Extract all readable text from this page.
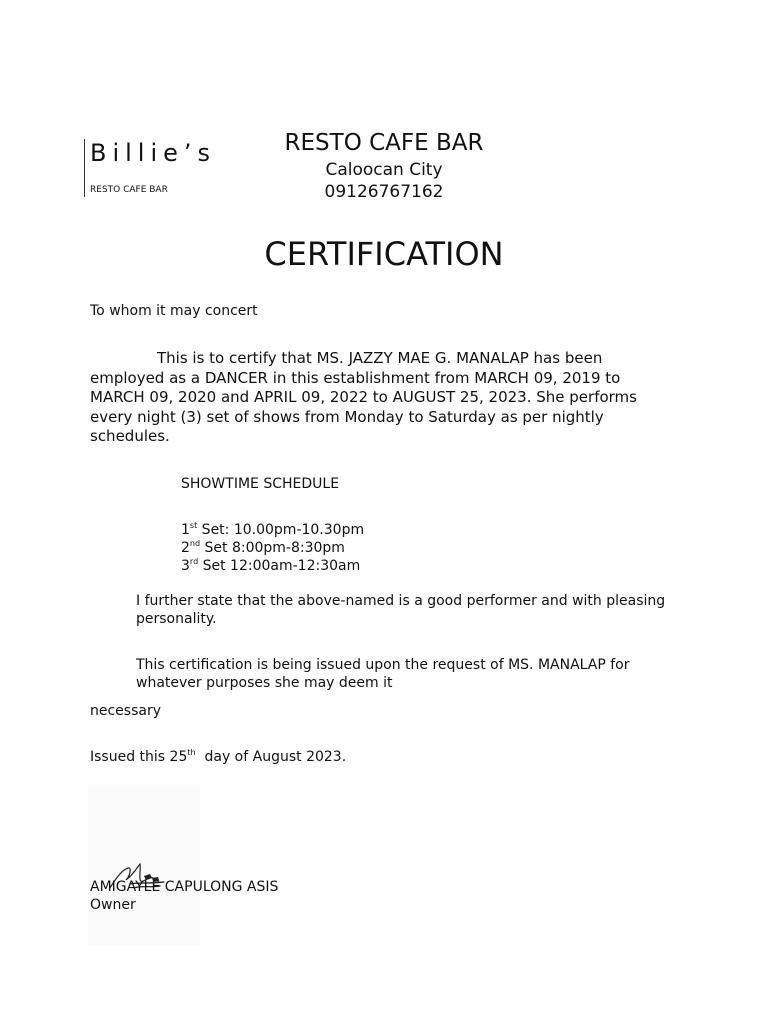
Billie’s
RESTO CAFE BAR
RESTO CAFE BAR
Caloocan City
09126767162
CERTIFICATION
To whom it may concert
This is to certify that MS. JAZZY MAE G. MANALAP has been employed as a DANCER in this establishment from MARCH 09, 2019 to MARCH 09, 2020 and APRIL 09, 2022 to AUGUST 25, 2023. She performs every night (3) set of shows from Monday to Saturday as per nightly schedules.
SHOWTIME SCHEDULE
1st Set: 10.00pm-10.30pm
2nd Set 8:00pm-8:30pm
3rd Set 12:00am-12:30am
I further state that the above-named is a good performer and with pleasing personality.
This certification is being issued upon the request of MS. MANALAP for whatever purposes she may deem it
necessary
Issued this 25th  day of August 2023.
AMIGAYLE CAPULONG ASIS
Owner
